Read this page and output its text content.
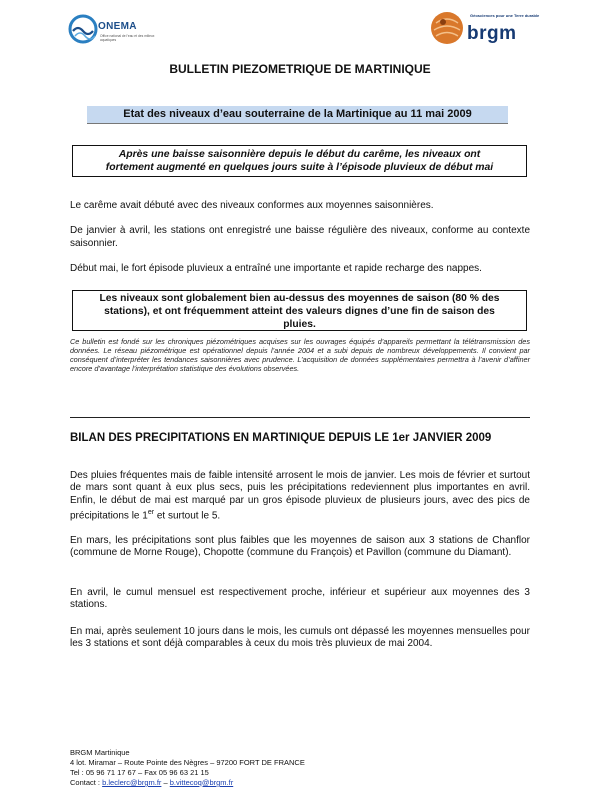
ONEMA
Office national de l'eau et des milieux aquatiques
Géosciences pour une Terre durable
brgm
BULLETIN PIEZOMETRIQUE DE MARTINIQUE
Etat des niveaux d’eau souterraine de la Martinique au 11 mai 2009
Après une baisse saisonnière depuis le début du carême, les niveaux ont
fortement augmenté en quelques jours suite à l’épisode pluvieux de début mai
Le carême avait débuté avec des niveaux conformes aux moyennes saisonnières.
De janvier à avril, les stations ont enregistré une baisse régulière des niveaux, conforme au contexte saisonnier.
Début mai, le fort épisode pluvieux a entraîné une importante et rapide recharge des nappes.
Les niveaux sont globalement bien au-dessus des moyennes de saison (80 % des
stations), et ont fréquemment atteint des valeurs dignes d’une fin de saison des
pluies.
Ce bulletin est fondé sur les chroniques piézométriques acquises sur les ouvrages équipés d’appareils permettant la télétransmission des données. Le réseau piézométrique est opérationnel depuis l’année 2004 et a subi depuis de nombreux développements. Il convient par conséquent d’interpréter les tendances saisonnières avec prudence. L’acquisition de données supplémentaires permettra à l’avenir d’affiner encore d’avantage l’interprétation statistique des évolutions observées.
BILAN DES PRECIPITATIONS EN MARTINIQUE DEPUIS LE 1er JANVIER 2009
Des pluies fréquentes mais de faible intensité arrosent le mois de janvier. Les mois de février et surtout de mars sont quant à eux plus secs, puis les précipitations redeviennent plus importantes en avril. Enfin, le début de mai est marqué par un gros épisode pluvieux de plusieurs jours, avec des pics de précipitations le 1er et surtout le 5.
En mars, les précipitations sont plus faibles que les moyennes de saison aux 3 stations de Chanflor (commune de Morne Rouge), Chopotte (commune du François) et Pavillon (commune du Diamant).
En avril, le cumul mensuel est respectivement proche, inférieur et supérieur aux moyennes des 3 stations.
En mai, après seulement 10 jours dans le mois, les cumuls ont dépassé les moyennes mensuelles pour les 3 stations et sont déjà comparables à ceux du mois très pluvieux de mai 2004.
BRGM Martinique
4 lot. Miramar – Route Pointe des Nègres – 97200 FORT DE FRANCE
Tel : 05 96 71 17 67 – Fax 05 96 63 21 15
Contact : b.leclerc@brgm.fr – b.vittecoq@brgm.fr
